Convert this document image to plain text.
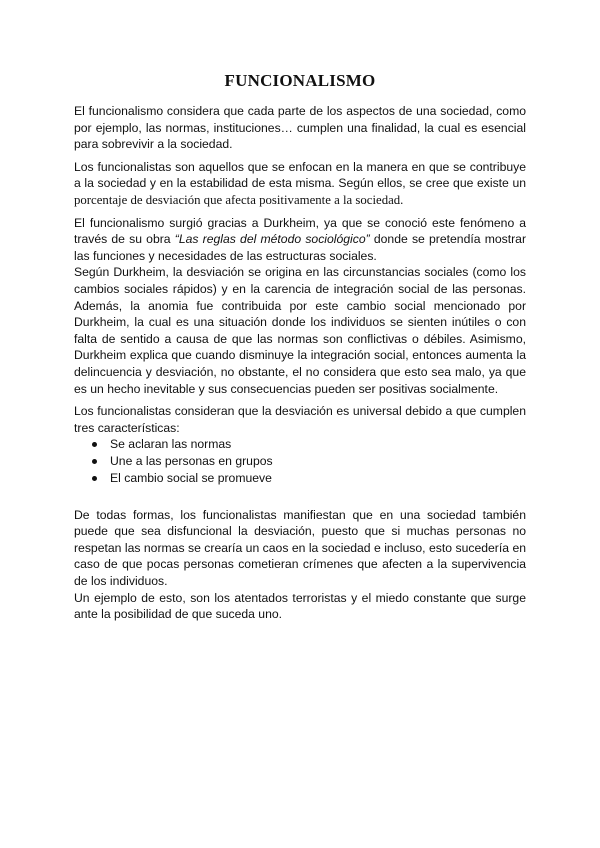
FUNCIONALISMO

El funcionalismo considera que cada parte de los aspectos de una sociedad, como por ejemplo, las normas, instituciones… cumplen una finalidad, la cual es esencial para sobrevivir a la sociedad.

Los funcionalistas son aquellos que se enfocan en la manera en que se contribuye a la sociedad y en la estabilidad de esta misma. Según ellos, se cree que existe un porcentaje de desviación que afecta positivamente a la sociedad.

El funcionalismo surgió gracias a Durkheim, ya que se conoció este fenómeno a través de su obra “Las reglas del método sociológico” donde se pretendía mostrar las funciones y necesidades de las estructuras sociales.

Según Durkheim, la desviación se origina en las circunstancias sociales (como los cambios sociales rápidos) y en la carencia de integración social de las personas. Además, la anomia fue contribuida por este cambio social mencionado por Durkheim, la cual es una situación donde los individuos se sienten inútiles o con falta de sentido a causa de que las normas son conflictivas o débiles. Asimismo, Durkheim explica que cuando disminuye la integración social, entonces aumenta la delincuencia y desviación, no obstante, el no considera que esto sea malo, ya que es un hecho inevitable y sus consecuencias pueden ser positivas socialmente.

Los funcionalistas consideran que la desviación es universal debido a que cumplen tres características:

Se aclaran las normas
Une a las personas en grupos
El cambio social se promueve

De todas formas, los funcionalistas manifiestan que en una sociedad también puede que sea disfuncional la desviación, puesto que si muchas personas no respetan las normas se crearía un caos en la sociedad e incluso, esto sucedería en caso de que pocas personas cometieran crímenes que afecten a la supervivencia de los individuos.

Un ejemplo de esto, son los atentados terroristas y el miedo constante que surge ante la posibilidad de que suceda uno.
